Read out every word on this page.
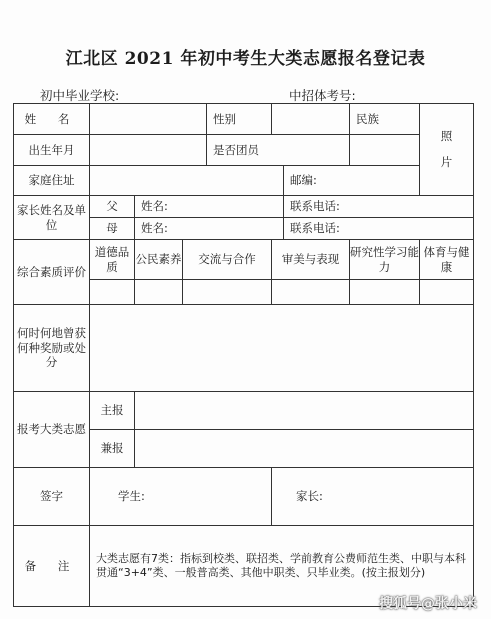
江北区 2021 年初中考生大类志愿报名登记表
初中毕业学校:	中招体考号:
姓 名				性别			民族	照片

出生年月				是否团员				
家庭住址						邮编:		
家长姓名及单位	父	姓名:				联系电话:		
	母	姓名:				联系电话:		
综合素质评价	道德品质	公民素养	交流与合作		审美与表现		研究性学习能力	体育与健康

何时何地曾获何种奖励或处分								
报考大类志愿	主报							
	兼报							
签字	学生:				家长:			
备 注	大类志愿有7类：指标到校类、联招类、学前教育公费师范生类、中职与本科贯通“3+4”类、一般普高类、其他中职类、只毕业类。(按主报划分)							
搜狐号@张小米
